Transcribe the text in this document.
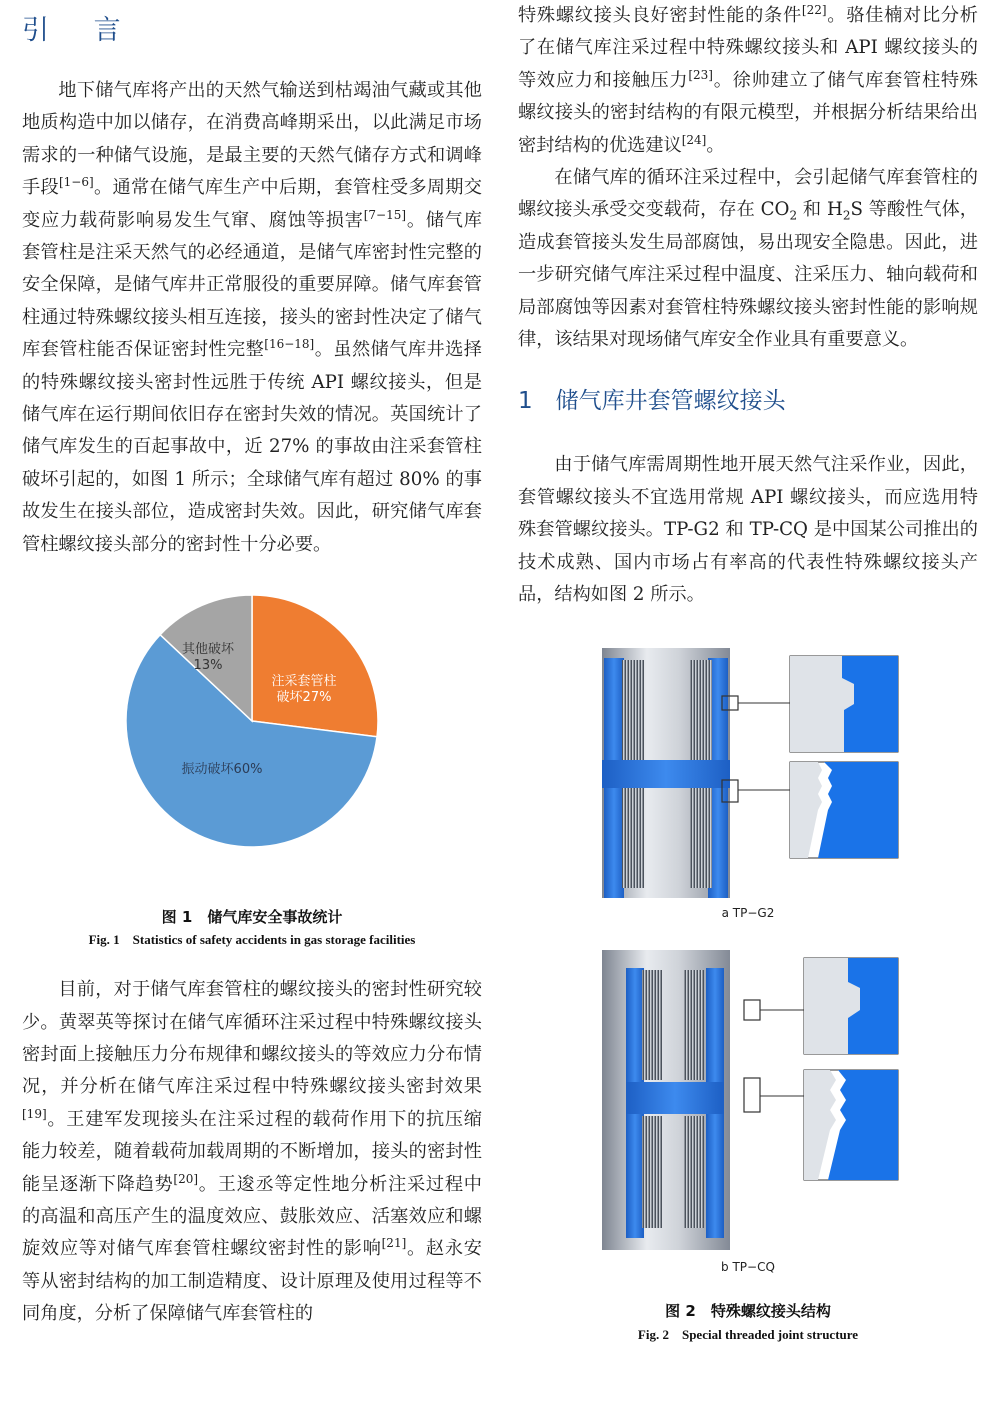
引 言

地下储气库将产出的天然气输送到枯竭油气藏或其他地质构造中加以储存，在消费高峰期采出，以此满足市场需求的一种储气设施，是最主要的天然气储存方式和调峰手段[1−6]。通常在储气库生产中后期，套管柱受多周期交变应力载荷影响易发生气窜、腐蚀等损害[7−15]。储气库套管柱是注采天然气的必经通道，是储气库密封性完整的安全保障，是储气库井正常服役的重要屏障。储气库套管柱通过特殊螺纹接头相互连接，接头的密封性决定了储气库套管柱能否保证密封性完整[16−18]。虽然储气库井选择的特殊螺纹接头密封性远胜于传统 API 螺纹接头，但是储气库在运行期间依旧存在密封失效的情况。英国统计了储气库发生的百起事故中，近 27% 的事故由注采套管柱破坏引起的，如图 1 所示；全球储气库有超过 80% 的事故发生在接头部位，造成密封失效。因此，研究储气库套管柱螺纹接头部分的密封性十分必要。

注采套管柱
破坏27%
振动破坏60%
其他破坏
13%

图 1　储气库安全事故统计

Fig. 1　Statistics of safety accidents in gas storage facilities

目前，对于储气库套管柱的螺纹接头的密封性研究较少。黄翠英等探讨在储气库循环注采过程中特殊螺纹接头密封面上接触压力分布规律和螺纹接头的等效应力分布情况，并分析在储气库注采过程中特殊螺纹接头密封效果[19]。王建军发现接头在注采过程的载荷作用下的抗压缩能力较差，随着载荷加载周期的不断增加，接头的密封性能呈逐渐下降趋势[20]。王逡丞等定性地分析注采过程中的高温和高压产生的温度效应、鼓胀效应、活塞效应和螺旋效应等对储气库套管柱螺纹密封性的影响[21]。赵永安等从密封结构的加工制造精度、设计原理及使用过程等不同角度，分析了保障储气库套管柱的

特殊螺纹接头良好密封性能的条件[22]。骆佳楠对比分析了在储气库注采过程中特殊螺纹接头和 API 螺纹接头的等效应力和接触压力[23]。徐帅建立了储气库套管柱特殊螺纹接头的密封结构的有限元模型，并根据分析结果给出密封结构的优选建议[24]。

在储气库的循环注采过程中，会引起储气库套管柱的螺纹接头承受交变载荷，存在 $CO_2$ 和 $H_2S$ 等酸性气体，造成套管接头发生局部腐蚀，易出现安全隐患。因此，进一步研究储气库注采过程中温度、注采压力、轴向载荷和局部腐蚀等因素对套管柱特殊螺纹接头密封性能的影响规律，该结果对现场储气库安全作业具有重要意义。

1　储气库井套管螺纹接头

由于储气库需周期性地开展天然气注采作业，因此，套管螺纹接头不宜选用常规 API 螺纹接头，而应选用特殊套管螺纹接头。TP-G2 和 TP-CQ 是中国某公司推出的技术成熟、国内市场占有率高的代表性特殊螺纹接头产品，结构如图 2 所示。

a TP−G2

b TP−CQ

图 2　特殊螺纹接头结构

Fig. 2　Special threaded joint structure
